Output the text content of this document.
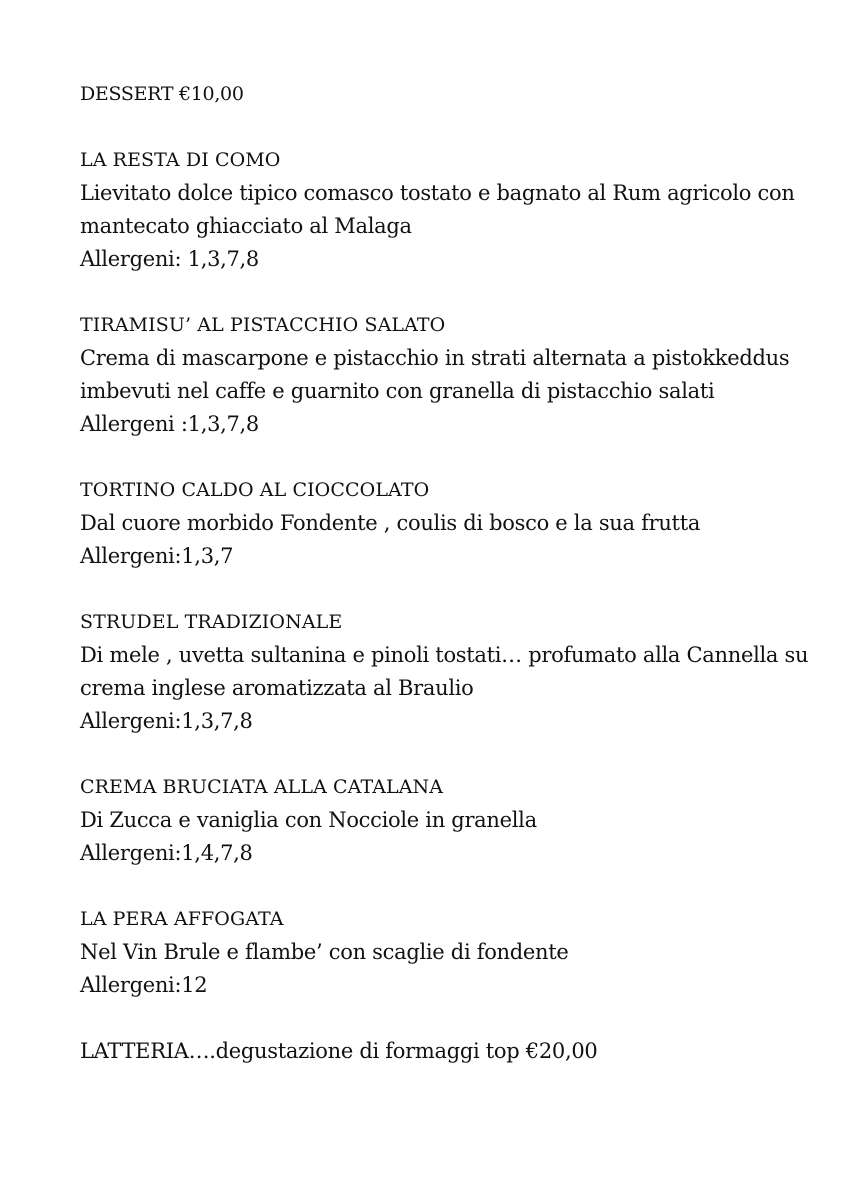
DESSERT €10,00
LA RESTA DI COMO
Lievitato dolce tipico comasco tostato e bagnato al Rum agricolo con
mantecato ghiacciato al Malaga
Allergeni: 1,3,7,8
TIRAMISU’ AL PISTACCHIO SALATO
Crema di mascarpone e pistacchio in strati alternata a pistokkeddus
imbevuti nel caffe e guarnito con granella di pistacchio salati
Allergeni :1,3,7,8
TORTINO CALDO AL CIOCCOLATO
Dal cuore morbido Fondente , coulis di bosco e la sua frutta
Allergeni:1,3,7
STRUDEL TRADIZIONALE
Di mele , uvetta sultanina e pinoli tostati… profumato alla Cannella su
crema inglese aromatizzata al Braulio
Allergeni:1,3,7,8
CREMA BRUCIATA ALLA CATALANA
Di Zucca e vaniglia con Nocciole in granella
Allergeni:1,4,7,8
LA PERA AFFOGATA
Nel Vin Brule e flambe’ con scaglie di fondente
Allergeni:12
LATTERIA….degustazione di formaggi top €20,00
